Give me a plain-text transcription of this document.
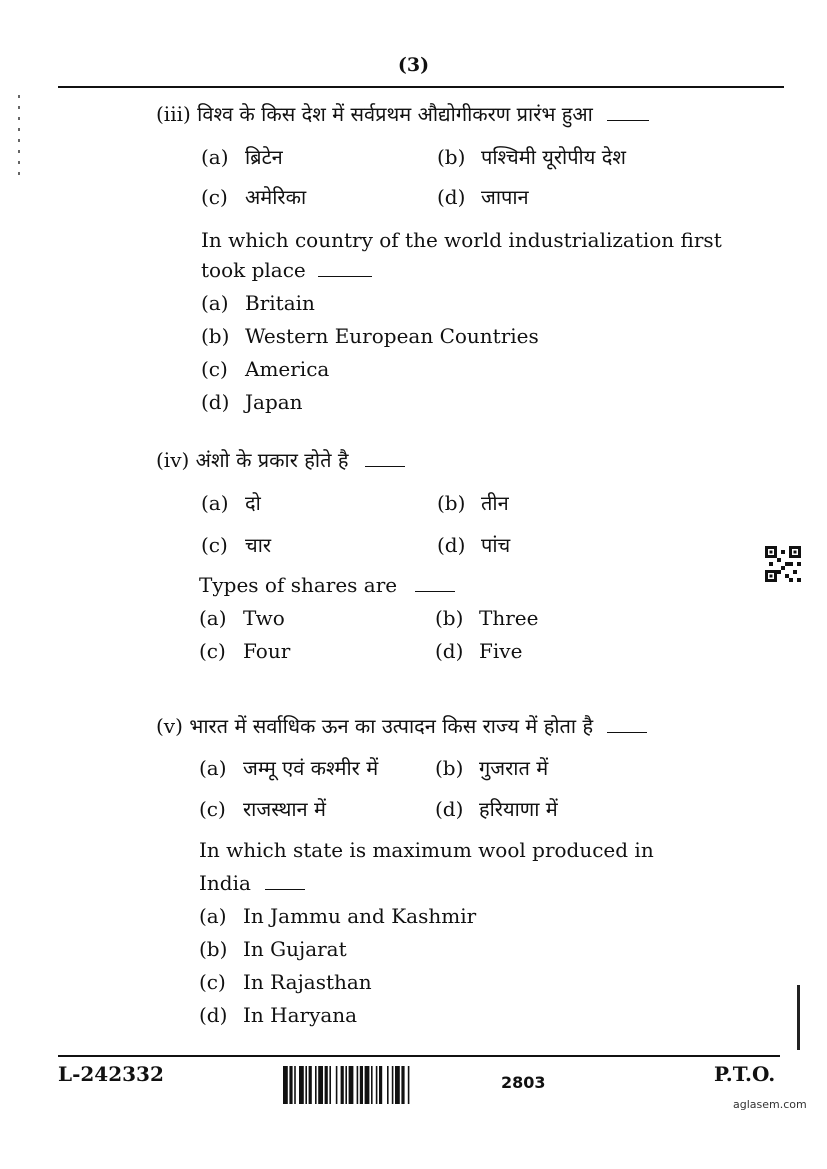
(3)
(iii) विश्व के किस देश में सर्वप्रथम औद्योगीकरण प्रारंभ हुआ
(a) ब्रिटेन	(b) पश्चिमी यूरोपीय देश
(c) अमेरिका	(d) जापान
In which country of the world industrialization first
took place
(a) Britain
(b) Western European Countries
(c) America
(d) Japan
(iv) अंशो के प्रकार होते है
(a) दो	(b) तीन
(c) चार	(d) पांच
Types of shares are
(a) Two	(b) Three
(c) Four	(d) Five
(v) भारत में सर्वाधिक ऊन का उत्पादन किस राज्य में होता है
(a) जम्मू एवं कश्मीर में	(b) गुजरात में
(c) राजस्थान में	(d) हरियाणा में
In which state is maximum wool produced in
India
(a) In Jammu and Kashmir
(b) In Gujarat
(c) In Rajasthan
(d) In Haryana
L-242332	2803	P.T.O.
aglasem.com
